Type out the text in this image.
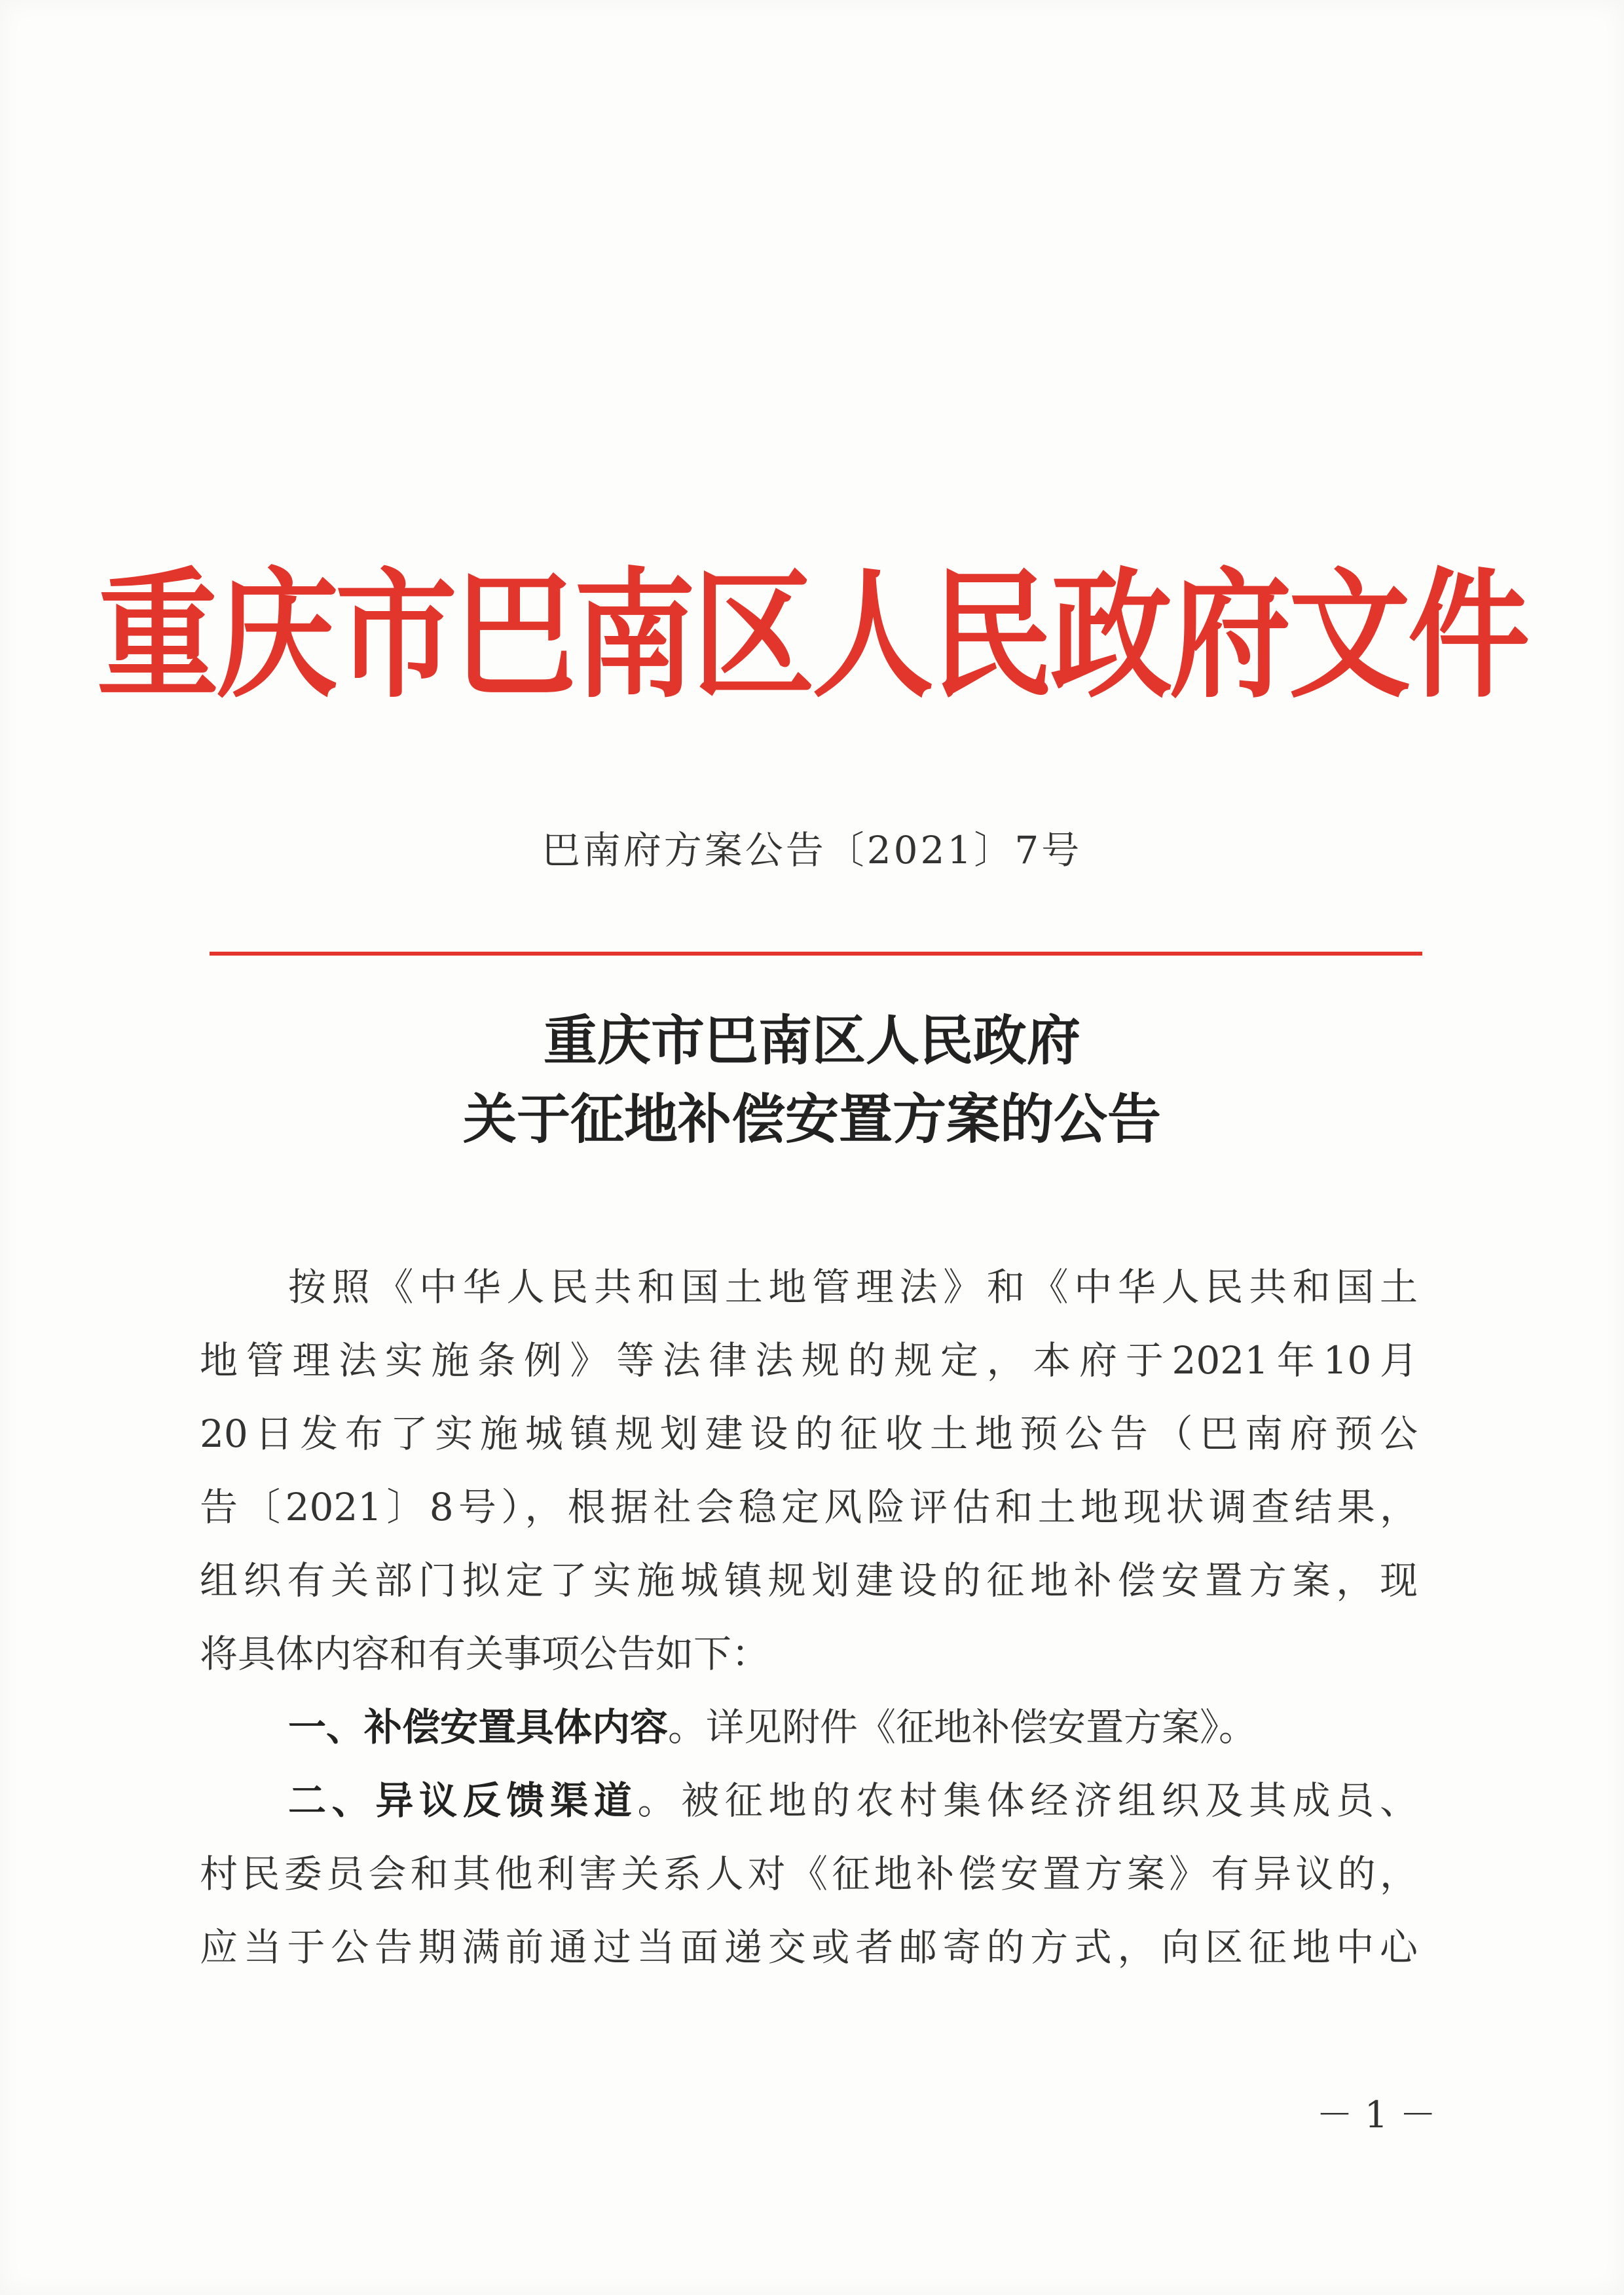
重庆市巴南区人民政府文件
巴南府方案公告〔2021〕7号
重庆市巴南区人民政府
关于征地补偿安置方案的公告
按照《中华人民共和国土地管理法》和《中华人民共和国土
地管理法实施条例》等法律法规的规定，本府于2021年10月
20日发布了实施城镇规划建设的征收土地预公告（巴南府预公
告〔2021〕8号），根据社会稳定风险评估和土地现状调查结果，
组织有关部门拟定了实施城镇规划建设的征地补偿安置方案，现
将具体内容和有关事项公告如下：
一、补偿安置具体内容。详见附件《征地补偿安置方案》。
二、异议反馈渠道。被征地的农村集体经济组织及其成员、
村民委员会和其他利害关系人对《征地补偿安置方案》有异议的，
应当于公告期满前通过当面递交或者邮寄的方式，向区征地中心
－ 1 －
